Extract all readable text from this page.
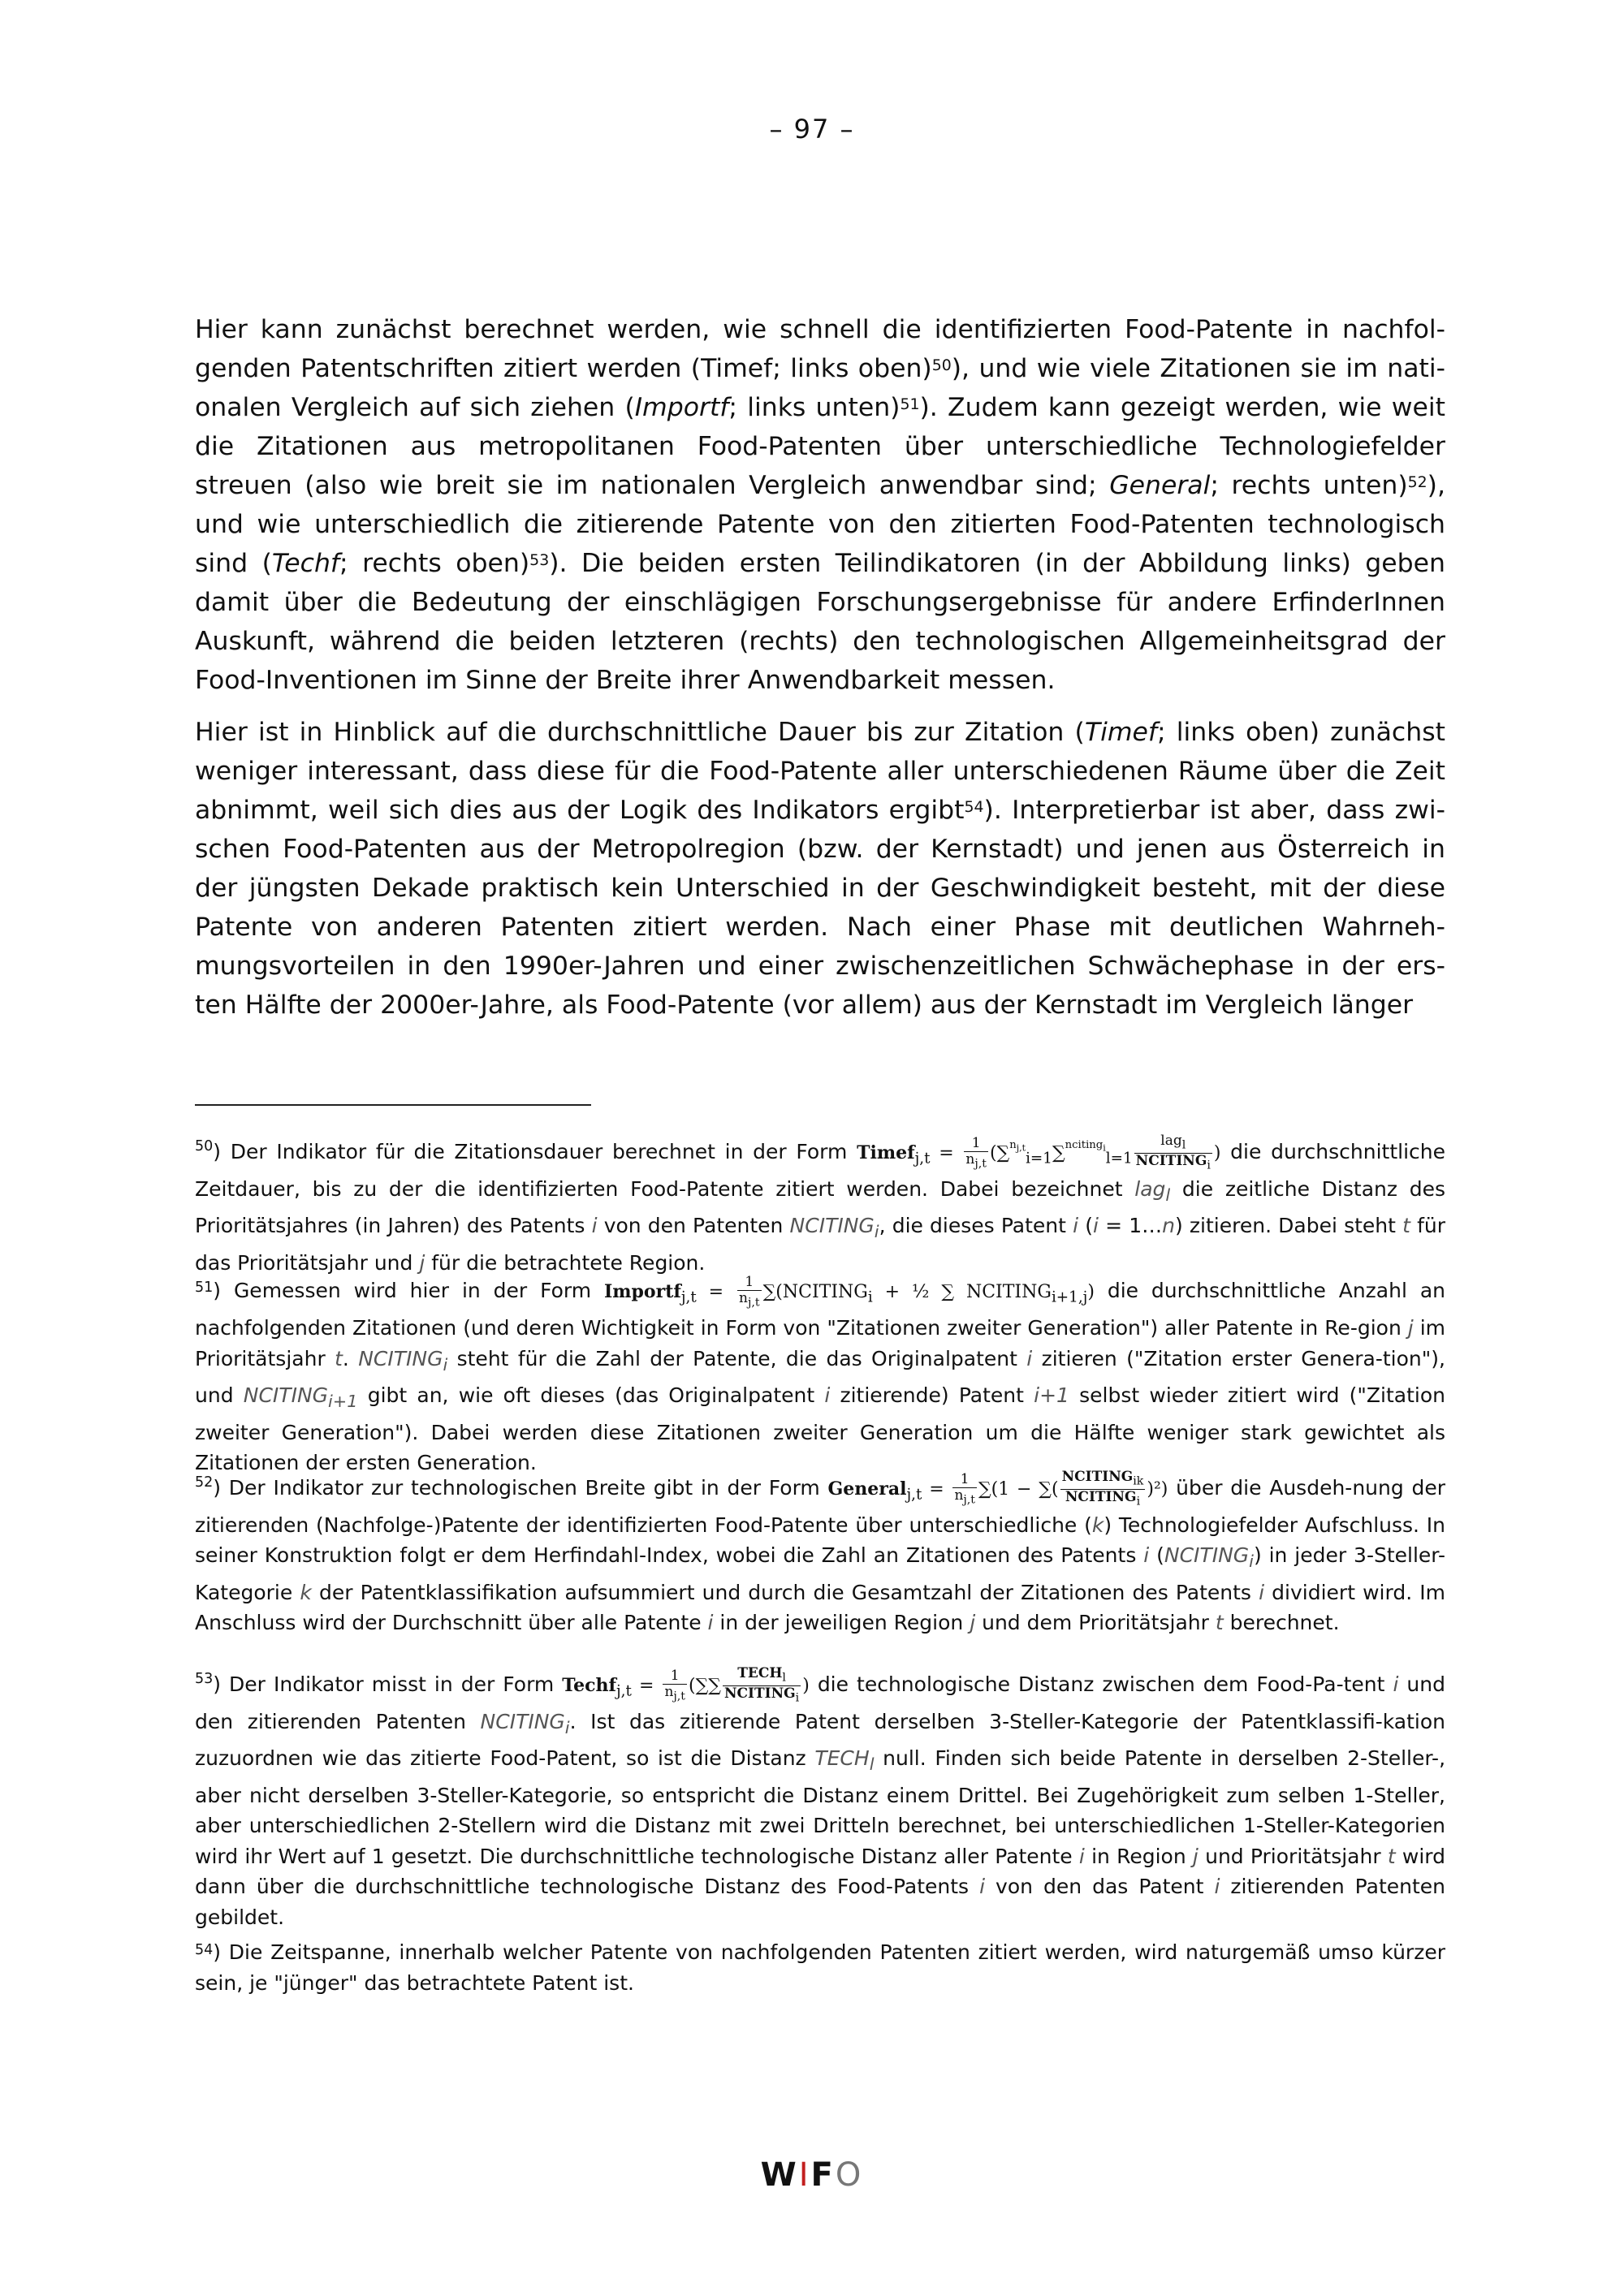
– 97 –

Hier kann zunächst berechnet werden, wie schnell die identifizierten Food-Patente in nachfol-genden Patentschriften zitiert werden (Timef; links oben)$^{50}$), und wie viele Zitationen sie im nati-onalen Vergleich auf sich ziehen (Importf; links unten)$^{51}$). Zudem kann gezeigt werden, wie weit die Zitationen aus metropolitanen Food-Patenten über unterschiedliche Technologiefelder streuen (also wie breit sie im nationalen Vergleich anwendbar sind; General; rechts unten)$^{52}$), und wie unterschiedlich die zitierende Patente von den zitierten Food-Patenten technologisch sind (Techf; rechts oben)$^{53}$). Die beiden ersten Teilindikatoren (in der Abbildung links) geben damit über die Bedeutung der einschlägigen Forschungsergebnisse für andere ErfinderInnen Auskunft, während die beiden letzteren (rechts) den technologischen Allgemeinheitsgrad der Food-Inventionen im Sinne der Breite ihrer Anwendbarkeit messen.

Hier ist in Hinblick auf die durchschnittliche Dauer bis zur Zitation (Timef; links oben) zunächst weniger interessant, dass diese für die Food-Patente aller unterschiedenen Räume über die Zeit abnimmt, weil sich dies aus der Logik des Indikators ergibt$^{54}$). Interpretierbar ist aber, dass zwi-schen Food-Patenten aus der Metropolregion (bzw. der Kernstadt) und jenen aus Österreich in der jüngsten Dekade praktisch kein Unterschied in der Geschwindigkeit besteht, mit der diese Patente von anderen Patenten zitiert werden. Nach einer Phase mit deutlichen Wahrneh-mungsvorteilen in den 1990er-Jahren und einer zwischenzeitlichen Schwächephase in der ers-ten Hälfte der 2000er-Jahre, als Food-Patente (vor allem) aus der Kernstadt im Vergleich länger

$^{50}$) Der Indikator für die Zitationsdauer berechnet in der Form Timef$_{j,t}$ = $\frac{1}{n_{j,t}} (\sum^{n_{j,t}}_{i=1}\sum^{nciting_i}_{l=1} \frac{lag_l}{NCITING_i}$ ) die durchschnittliche Zeitdauer, bis zu der die identifizierten Food-Patente zitiert werden. Dabei bezeichnet lag$_l$ die zeitliche Distanz des Prioritätsjahres (in Jahren) des Patents i von den Patenten $NCITING_i$, die dieses Patent i (i = 1…n) zitieren. Dabei steht t für das Prioritätsjahr und j für die betrachtete Region.

$^{51}$) Gemessen wird hier in der Form Importf$_{j,t}$ = $\frac{1}{n_{j,t}}$ $\sum(NCITING_i$ + ½ ∑ $NCITING_{i+1,j}$) die durchschnittliche Anzahl an nachfolgenden Zitationen (und deren Wichtigkeit in Form von "Zitationen zweiter Generation") aller Patente in Re-gion j im Prioritätsjahr t. $NCITING_i$ steht für die Zahl der Patente, die das Originalpatent i zitieren ("Zitation erster Genera-tion"), und $NCITING_{i+1}$ gibt an, wie oft dieses (das Originalpatent i zitierende) Patent i+1 selbst wieder zitiert wird ("Zitation zweiter Generation"). Dabei werden diese Zitationen zweiter Generation um die Hälfte weniger stark gewichtet als Zitationen der ersten Generation.

$^{52}$) Der Indikator zur technologischen Breite gibt in der Form General$_{j,t}$ = $\frac{1}{n_{j,t}} \sum(1$ − ∑( $\frac{NCITING_{ik}}{NCITING_i} )^2$) über die Ausdeh-nung der zitierenden (Nachfolge-)Patente der identifizierten Food-Patente über unterschiedliche (k) Technologiefelder Aufschluss. In seiner Konstruktion folgt er dem Herfindahl-Index, wobei die Zahl an Zitationen des Patents i $(NCITING_i)$ in jeder 3-Steller-Kategorie k der Patentklassifikation aufsummiert und durch die Gesamtzahl der Zitationen des Patents i dividiert wird. Im Anschluss wird der Durchschnitt über alle Patente i in der jeweiligen Region j und dem Prioritätsjahr t berechnet.

$^{53}$) Der Indikator misst in der Form Techf$_{j,t}$ = $\frac{1}{n_{j,t}}$ (∑∑ $\frac{TECH_l}{NCITING_i}$ ) die technologische Distanz zwischen dem Food-Pa-tent i und den zitierenden Patenten $NCITING_i$. Ist das zitierende Patent derselben 3-Steller-Kategorie der Patentklassifi-kation zuzuordnen wie das zitierte Food-Patent, so ist die Distanz $TECH_l$ null. Finden sich beide Patente in derselben 2-Steller-, aber nicht derselben 3-Steller-Kategorie, so entspricht die Distanz einem Drittel. Bei Zugehörigkeit zum selben 1-Steller, aber unterschiedlichen 2-Stellern wird die Distanz mit zwei Dritteln berechnet, bei unterschiedlichen 1-Steller-Kategorien wird ihr Wert auf 1 gesetzt. Die durchschnittliche technologische Distanz aller Patente i in Region j und Prioritätsjahr t wird dann über die durchschnittliche technologische Distanz des Food-Patents i von den das Patent i zitierenden Patenten gebildet.

$^{54}$) Die Zeitspanne, innerhalb welcher Patente von nachfolgenden Patenten zitiert werden, wird naturgemäß umso kürzer sein, je "jünger" das betrachtete Patent ist.

WIFO
